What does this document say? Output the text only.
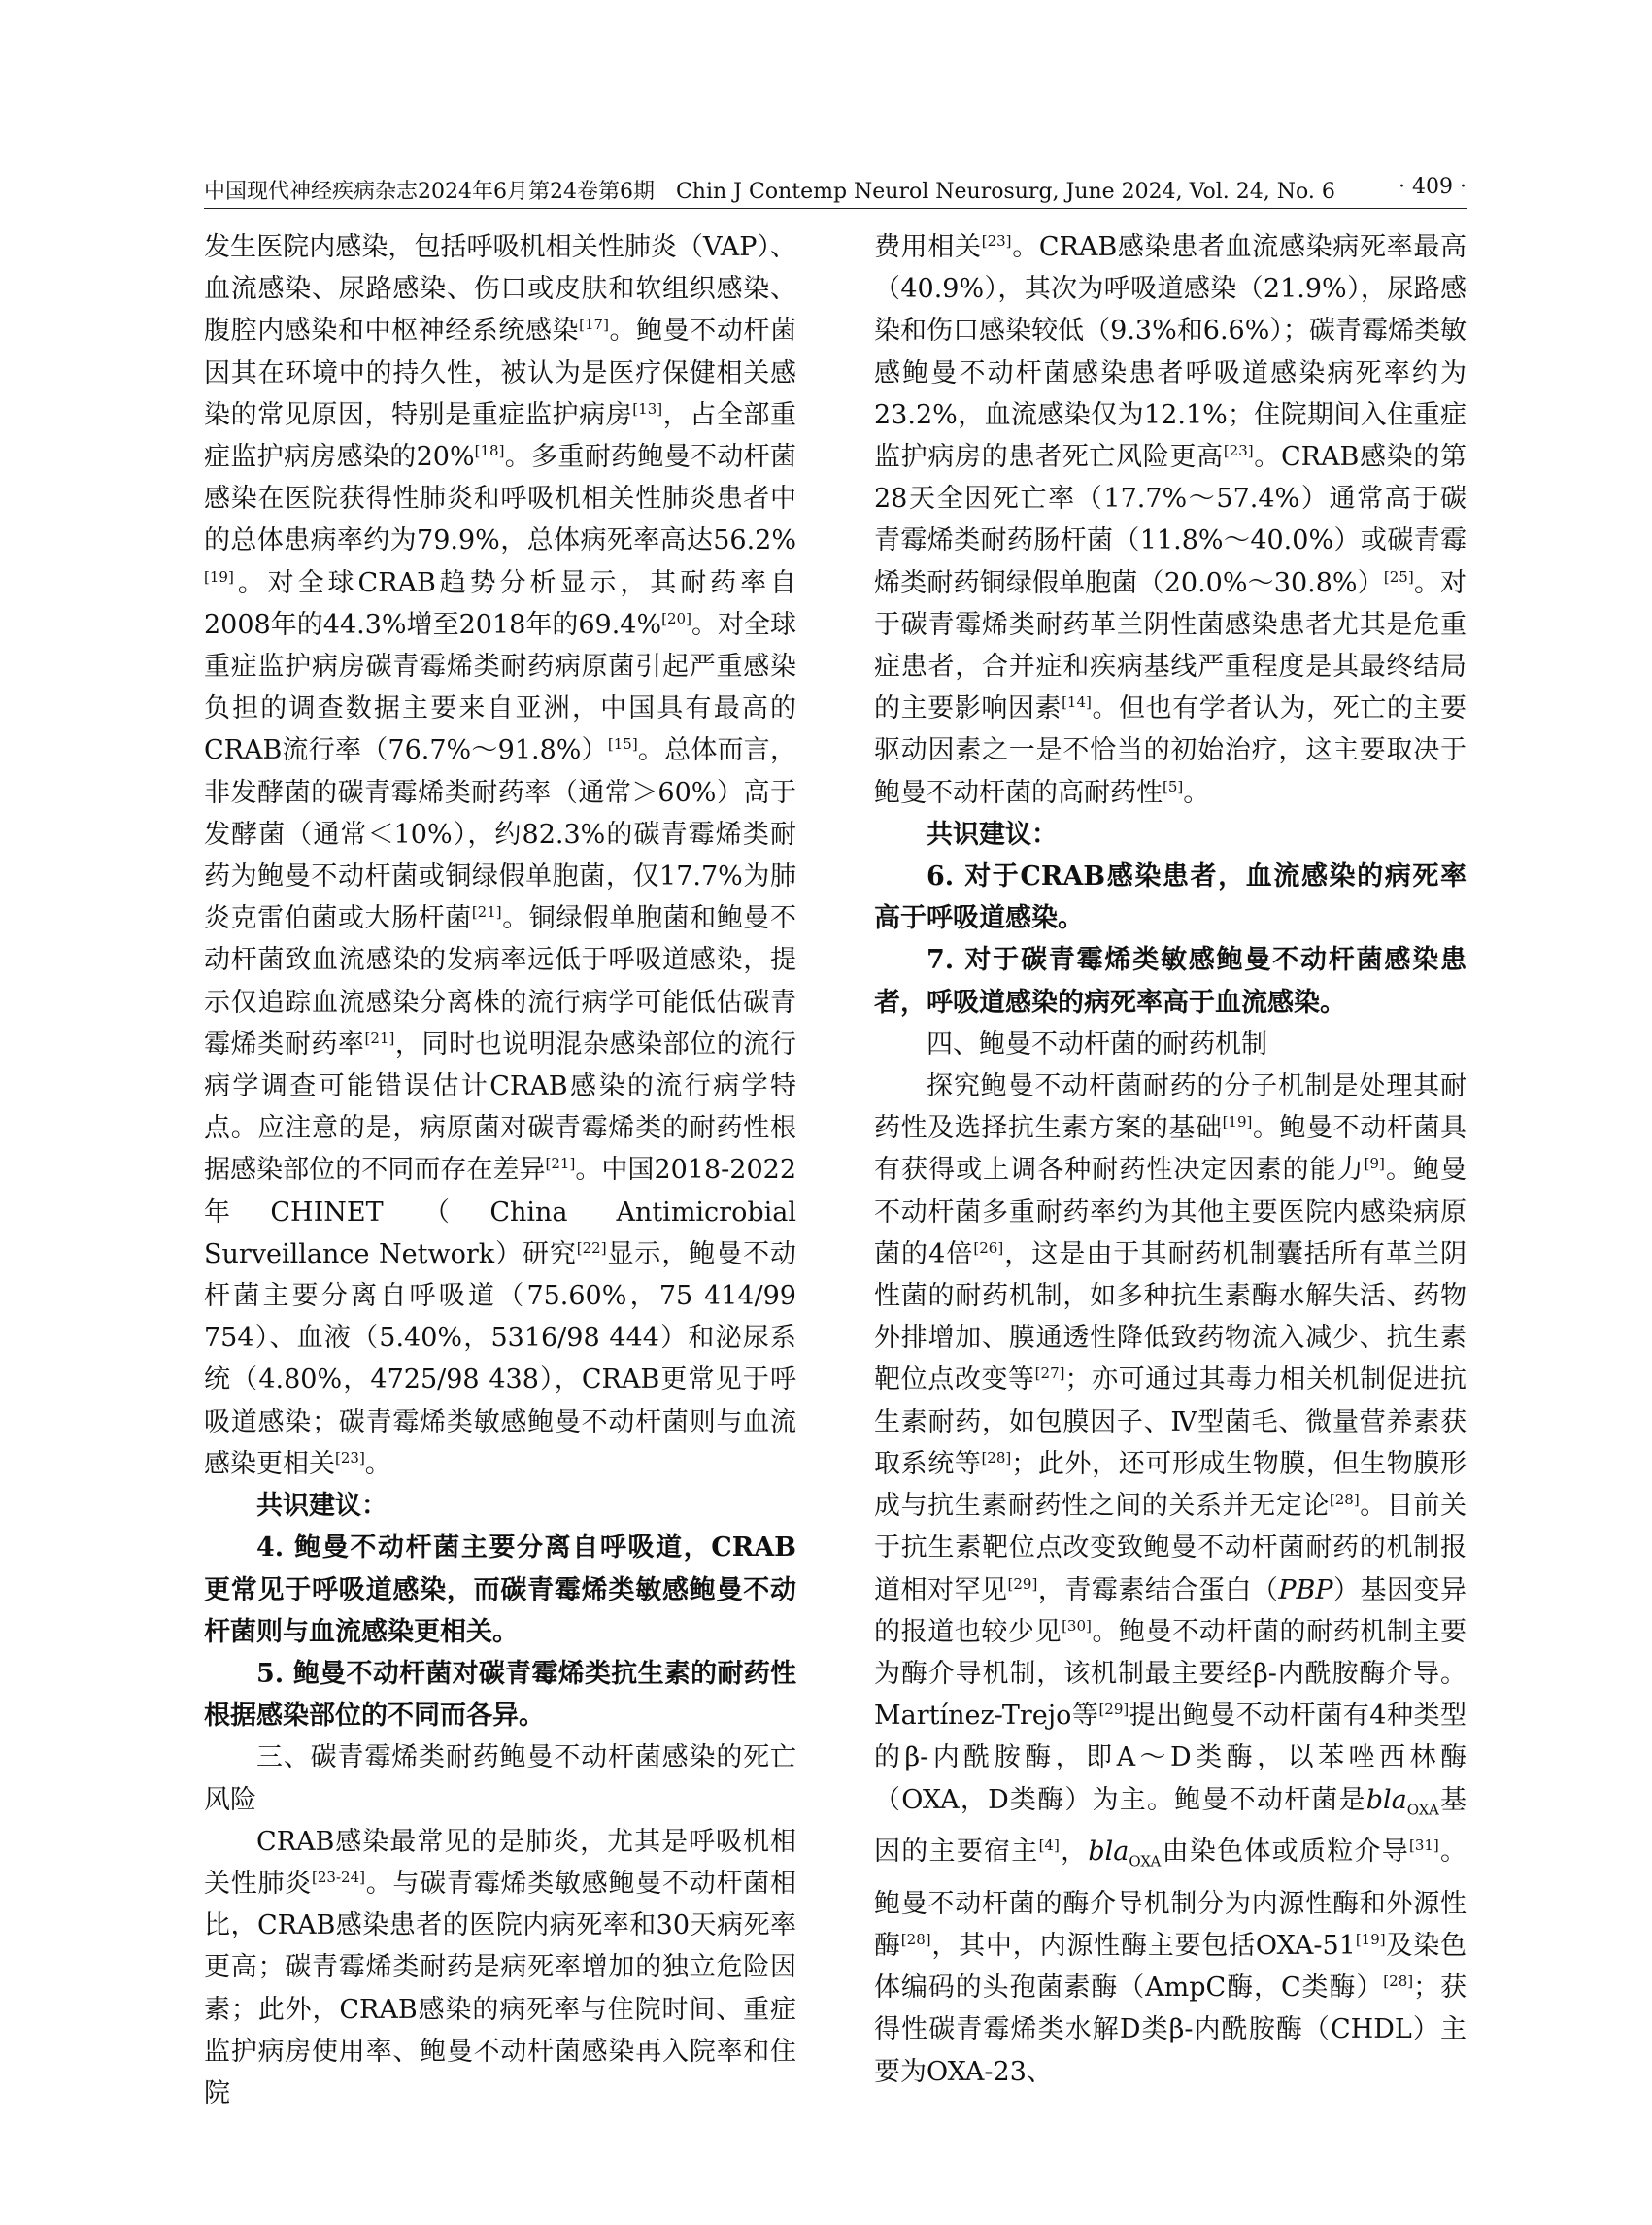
中国现代神经疾病杂志2024年6月第24卷第6期　Chin J Contemp Neurol Neurosurg, June 2024, Vol. 24, No. 6	· 409 ·

发生医院内感染，包括呼吸机相关性肺炎（VAP）、血流感染、尿路感染、伤口或皮肤和软组织感染、腹腔内感染和中枢神经系统感染[17]。鲍曼不动杆菌因其在环境中的持久性，被认为是医疗保健相关感染的常见原因，特别是重症监护病房[13]，占全部重症监护病房感染的20%[18]。多重耐药鲍曼不动杆菌感染在医院获得性肺炎和呼吸机相关性肺炎患者中的总体患病率约为79.9%，总体病死率高达56.2%[19]。对全球CRAB趋势分析显示，其耐药率自2008年的44.3%增至2018年的69.4%[20]。对全球重症监护病房碳青霉烯类耐药病原菌引起严重感染负担的调查数据主要来自亚洲，中国具有最高的CRAB流行率（76.7%～91.8%）[15]。总体而言，非发酵菌的碳青霉烯类耐药率（通常＞60%）高于发酵菌（通常＜10%），约82.3%的碳青霉烯类耐药为鲍曼不动杆菌或铜绿假单胞菌，仅17.7%为肺炎克雷伯菌或大肠杆菌[21]。铜绿假单胞菌和鲍曼不动杆菌致血流感染的发病率远低于呼吸道感染，提示仅追踪血流感染分离株的流行病学可能低估碳青霉烯类耐药率[21]，同时也说明混杂感染部位的流行病学调查可能错误估计CRAB感染的流行病学特点。应注意的是，病原菌对碳青霉烯类的耐药性根据感染部位的不同而存在差异[21]。中国2018-2022年CHINET（China Antimicrobial Surveillance Network）研究[22]显示，鲍曼不动杆菌主要分离自呼吸道（75.60%，75 414/99 754）、血液（5.40%，5316/98 444）和泌尿系统（4.80%，4725/98 438），CRAB更常见于呼吸道感染；碳青霉烯类敏感鲍曼不动杆菌则与血流感染更相关[23]。

共识建议：

4. 鲍曼不动杆菌主要分离自呼吸道，CRAB更常见于呼吸道感染，而碳青霉烯类敏感鲍曼不动杆菌则与血流感染更相关。

5. 鲍曼不动杆菌对碳青霉烯类抗生素的耐药性根据感染部位的不同而各异。

三、碳青霉烯类耐药鲍曼不动杆菌感染的死亡风险

CRAB感染最常见的是肺炎，尤其是呼吸机相关性肺炎[23-24]。与碳青霉烯类敏感鲍曼不动杆菌相比，CRAB感染患者的医院内病死率和30天病死率更高；碳青霉烯类耐药是病死率增加的独立危险因素；此外，CRAB感染的病死率与住院时间、重症监护病房使用率、鲍曼不动杆菌感染再入院率和住院

费用相关[23]。CRAB感染患者血流感染病死率最高（40.9%），其次为呼吸道感染（21.9%），尿路感染和伤口感染较低（9.3%和6.6%）；碳青霉烯类敏感鲍曼不动杆菌感染患者呼吸道感染病死率约为23.2%，血流感染仅为12.1%；住院期间入住重症监护病房的患者死亡风险更高[23]。CRAB感染的第28天全因死亡率（17.7%～57.4%）通常高于碳青霉烯类耐药肠杆菌（11.8%～40.0%）或碳青霉烯类耐药铜绿假单胞菌（20.0%～30.8%）[25]。对于碳青霉烯类耐药革兰阴性菌感染患者尤其是危重症患者，合并症和疾病基线严重程度是其最终结局的主要影响因素[14]。但也有学者认为，死亡的主要驱动因素之一是不恰当的初始治疗，这主要取决于鲍曼不动杆菌的高耐药性[5]。

共识建议：

6. 对于CRAB感染患者，血流感染的病死率高于呼吸道感染。

7. 对于碳青霉烯类敏感鲍曼不动杆菌感染患者，呼吸道感染的病死率高于血流感染。

四、鲍曼不动杆菌的耐药机制

探究鲍曼不动杆菌耐药的分子机制是处理其耐药性及选择抗生素方案的基础[19]。鲍曼不动杆菌具有获得或上调各种耐药性决定因素的能力[9]。鲍曼不动杆菌多重耐药率约为其他主要医院内感染病原菌的4倍[26]，这是由于其耐药机制囊括所有革兰阴性菌的耐药机制，如多种抗生素酶水解失活、药物外排增加、膜通透性降低致药物流入减少、抗生素靶位点改变等[27]；亦可通过其毒力相关机制促进抗生素耐药，如包膜因子、Ⅳ型菌毛、微量营养素获取系统等[28]；此外，还可形成生物膜，但生物膜形成与抗生素耐药性之间的关系并无定论[28]。目前关于抗生素靶位点改变致鲍曼不动杆菌耐药的机制报道相对罕见[29]，青霉素结合蛋白（PBP）基因变异的报道也较少见[30]。鲍曼不动杆菌的耐药机制主要为酶介导机制，该机制最主要经β-内酰胺酶介导。Martínez-Trejo等[29]提出鲍曼不动杆菌有4种类型的β-内酰胺酶，即A～D类酶，以苯唑西林酶（OXA，D类酶）为主。鲍曼不动杆菌是bla$_{OXA}$基因的主要宿主[4]，bla$_{OXA}$由染色体或质粒介导[31]。鲍曼不动杆菌的酶介导机制分为内源性酶和外源性酶[28]，其中，内源性酶主要包括OXA-51[19]及染色体编码的头孢菌素酶（AmpC酶，C类酶）[28]；获得性碳青霉烯类水解D类β-内酰胺酶（CHDL）主要为OXA-23、
